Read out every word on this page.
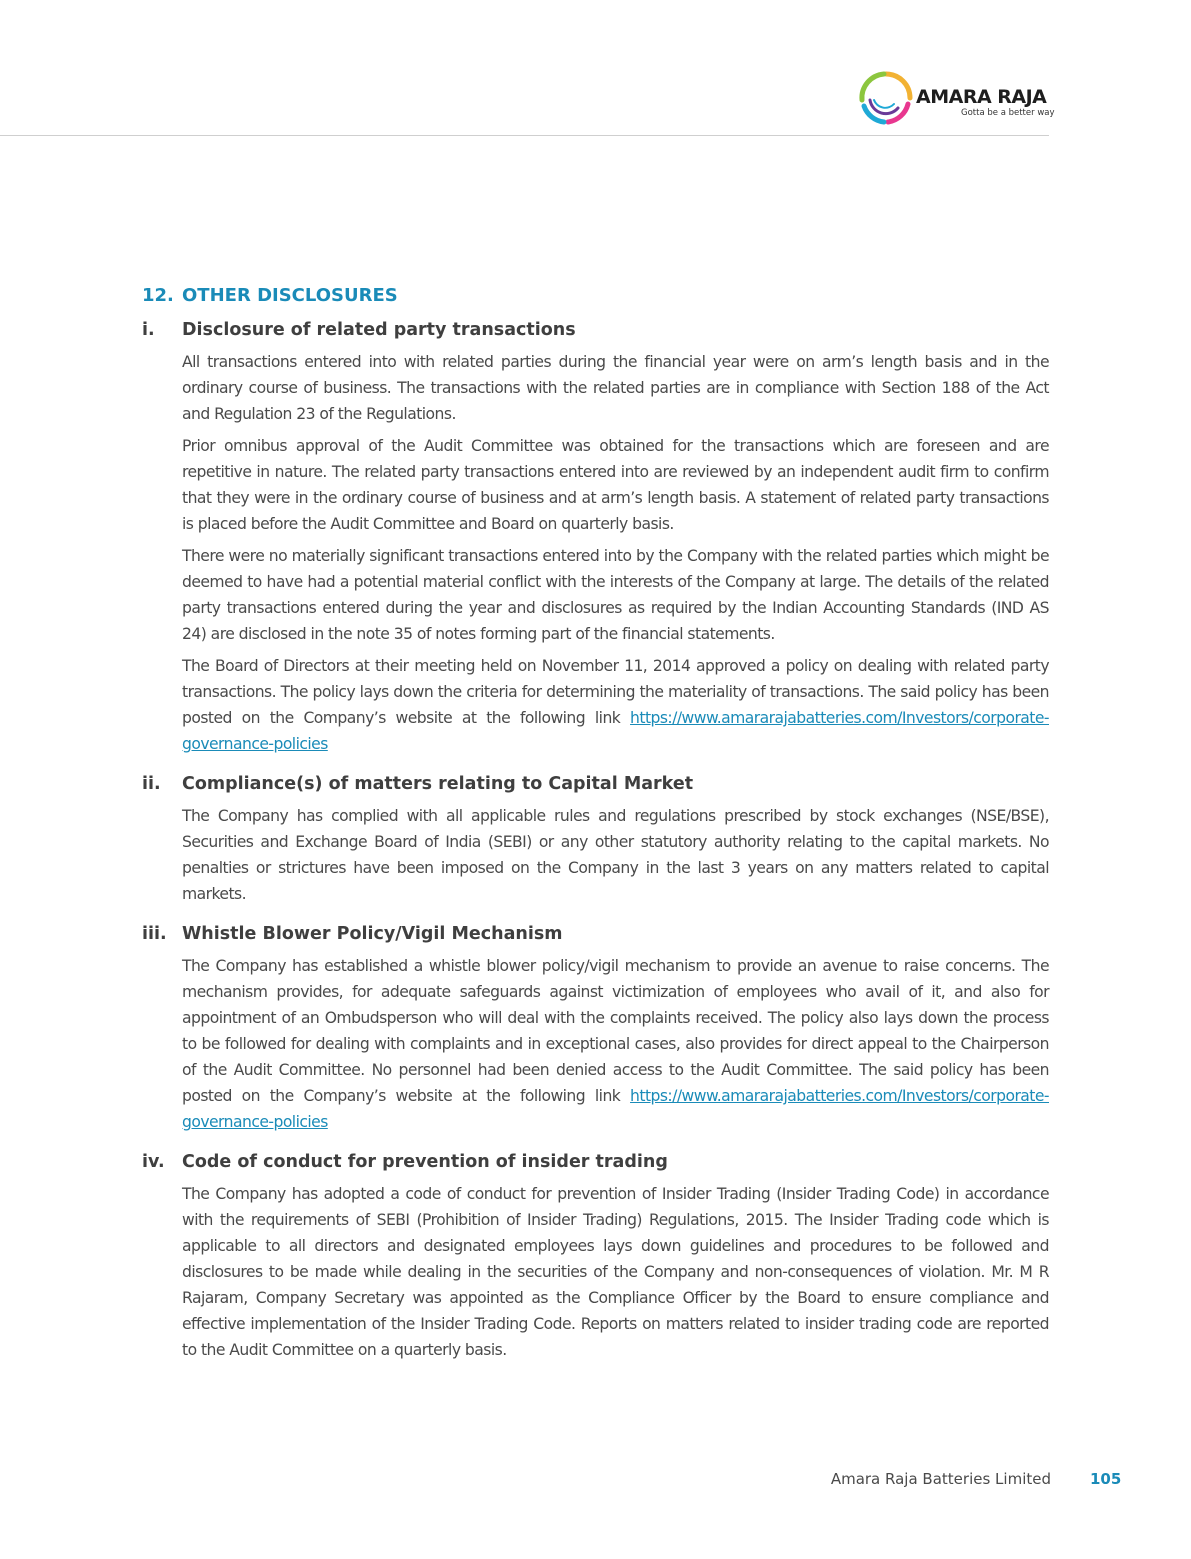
AMARA RAJA
Gotta be a better way
12. OTHER DISCLOSURES
i.	Disclosure of related party transactions

All transactions entered into with related parties during the financial year were on arm’s length basis and in the ordinary course of business. The transactions with the related parties are in compliance with Section 188 of the Act and Regulation 23 of the Regulations.

Prior omnibus approval of the Audit Committee was obtained for the transactions which are foreseen and are repetitive in nature. The related party transactions entered into are reviewed by an independent audit firm to confirm that they were in the ordinary course of business and at arm’s length basis. A statement of related party transactions is placed before the Audit Committee and Board on quarterly basis.

There were no materially significant transactions entered into by the Company with the related parties which might be deemed to have had a potential material conflict with the interests of the Company at large. The details of the related party transactions entered during the year and disclosures as required by the Indian Accounting Standards (IND AS 24) are disclosed in the note 35 of notes forming part of the financial statements.

The Board of Directors at their meeting held on November 11, 2014 approved a policy on dealing with related party transactions. The policy lays down the criteria for determining the materiality of transactions. The said policy has been posted on the Company’s website at the following link https://www.amararajabatteries.com/Investors/corporate-governance-policies

ii.	Compliance(s) of matters relating to Capital Market

The Company has complied with all applicable rules and regulations prescribed by stock exchanges (NSE/BSE), Securities and Exchange Board of India (SEBI) or any other statutory authority relating to the capital markets. No penalties or strictures have been imposed on the Company in the last 3 years on any matters related to capital markets.

iii. Whistle Blower Policy/Vigil Mechanism

The Company has established a whistle blower policy/vigil mechanism to provide an avenue to raise concerns. The mechanism provides, for adequate safeguards against victimization of employees who avail of it, and also for appointment of an Ombudsperson who will deal with the complaints received. The policy also lays down the process to be followed for dealing with complaints and in exceptional cases, also provides for direct appeal to the Chairperson of the Audit Committee. No personnel had been denied access to the Audit Committee. The said policy has been posted on the Company’s website at the following link https://www.amararajabatteries.com/Investors/corporate-governance-policies

iv. Code of conduct for prevention of insider trading

The Company has adopted a code of conduct for prevention of Insider Trading (Insider Trading Code) in accordance with the requirements of SEBI (Prohibition of Insider Trading) Regulations, 2015. The Insider Trading code which is applicable to all directors and designated employees lays down guidelines and procedures to be followed and disclosures to be made while dealing in the securities of the Company and non-consequences of violation. Mr. M R Rajaram, Company Secretary was appointed as the Compliance Officer by the Board to ensure compliance and effective implementation of the Insider Trading Code. Reports on matters related to insider trading code are reported to the Audit Committee on a quarterly basis.

Amara Raja Batteries Limited	105
